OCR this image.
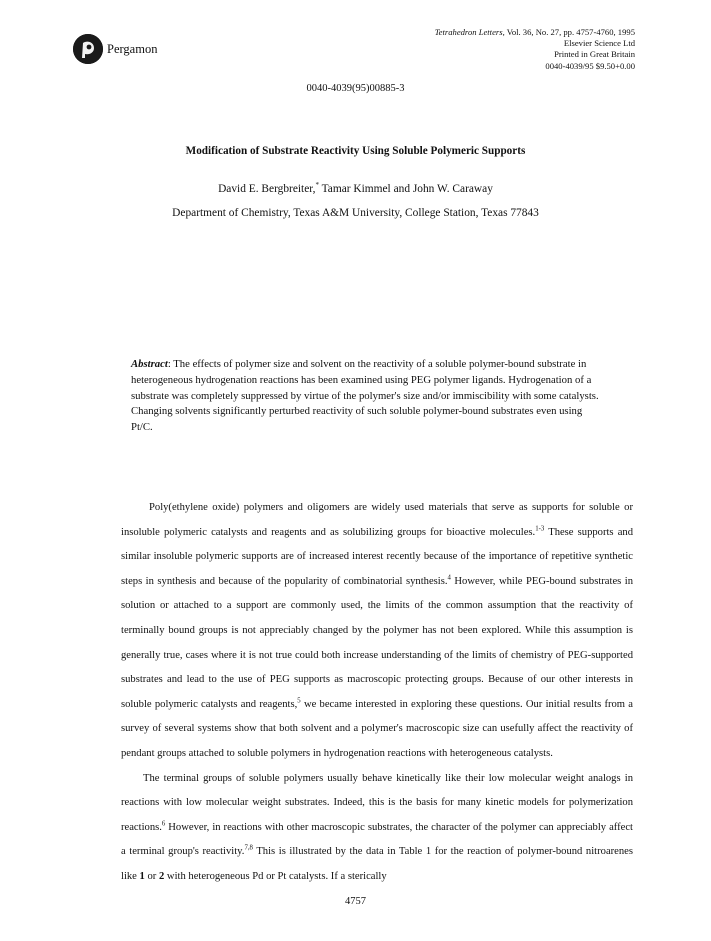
Pergamon
Tetrahedron Letters, Vol. 36, No. 27, pp. 4757-4760, 1995
Elsevier Science Ltd
Printed in Great Britain
0040-4039/95 $9.50+0.00
0040-4039(95)00885-3
Modification of Substrate Reactivity Using Soluble Polymeric Supports
David E. Bergbreiter,* Tamar Kimmel and John W. Caraway
Department of Chemistry, Texas A&M University, College Station, Texas 77843
Abstract: The effects of polymer size and solvent on the reactivity of a soluble polymer-bound substrate in heterogeneous hydrogenation reactions has been examined using PEG polymer ligands. Hydrogenation of a substrate was completely suppressed by virtue of the polymer's size and/or immiscibility with some catalysts. Changing solvents significantly perturbed reactivity of such soluble polymer-bound substrates even using Pt/C.

Poly(ethylene oxide) polymers and oligomers are widely used materials that serve as supports for soluble or insoluble polymeric catalysts and reagents and as solubilizing groups for bioactive molecules.$^{1-3}$ These supports and similar insoluble polymeric supports are of increased interest recently because of the importance of repetitive synthetic steps in synthesis and because of the popularity of combinatorial synthesis.$^4$ However, while PEG-bound substrates in solution or attached to a support are commonly used, the limits of the common assumption that the reactivity of terminally bound groups is not appreciably changed by the polymer has not been explored. While this assumption is generally true, cases where it is not true could both increase understanding of the limits of chemistry of PEG-supported substrates and lead to the use of PEG supports as macroscopic protecting groups. Because of our other interests in soluble polymeric catalysts and reagents,$^5$ we became interested in exploring these questions. Our initial results from a survey of several systems show that both solvent and a polymer's macroscopic size can usefully affect the reactivity of pendant groups attached to soluble polymers in hydrogenation reactions with heterogeneous catalysts.

The terminal groups of soluble polymers usually behave kinetically like their low molecular weight analogs in reactions with low molecular weight substrates. Indeed, this is the basis for many kinetic models for polymerization reactions.$^6$ However, in reactions with other macroscopic substrates, the character of the polymer can appreciably affect a terminal group's reactivity.$^{7,8}$ This is illustrated by the data in Table 1 for the reaction of polymer-bound nitroarenes like 1 or 2 with heterogeneous Pd or Pt catalysts. If a sterically

4757
